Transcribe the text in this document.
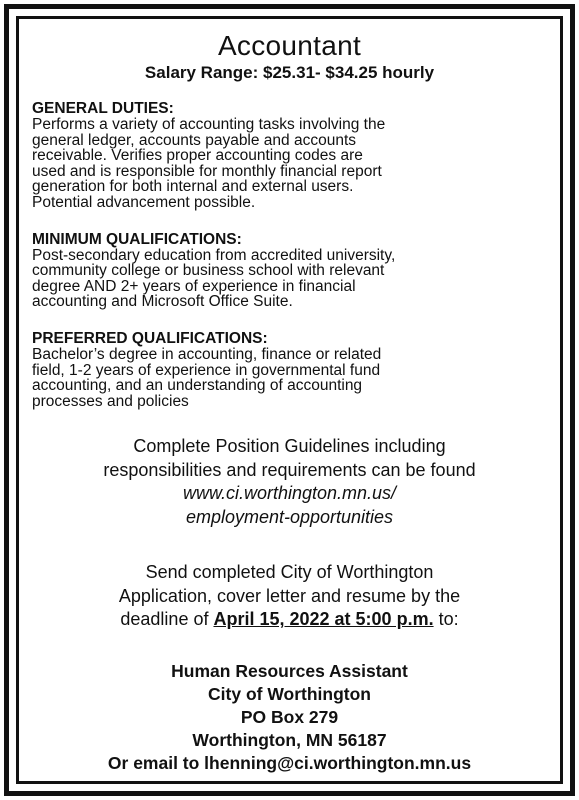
Accountant

Salary Range: $25.31- $34.25 hourly

GENERAL DUTIES:

Performs a variety of accounting tasks involving the
general ledger, accounts payable and accounts
receivable. Verifies proper accounting codes are
used and is responsible for monthly financial report
generation for both internal and external users.
Potential advancement possible.

MINIMUM QUALIFICATIONS:

Post-secondary education from accredited university,
community college or business school with relevant
degree AND 2+ years of experience in financial
accounting and Microsoft Office Suite.

PREFERRED QUALIFICATIONS:

Bachelor’s degree in accounting, finance or related
field, 1-2 years of experience in governmental fund
accounting, and an understanding of accounting
processes and policies

Complete Position Guidelines including

responsibilities and requirements can be found

www.ci.worthington.mn.us/
employment-opportunities

Send completed City of Worthington

Application, cover letter and resume by the

deadline of April 15, 2022 at 5:00 p.m. to:

Human Resources Assistant
City of Worthington
PO Box 279
Worthington, MN 56187
Or email to lhenning@ci.worthington.mn.us
